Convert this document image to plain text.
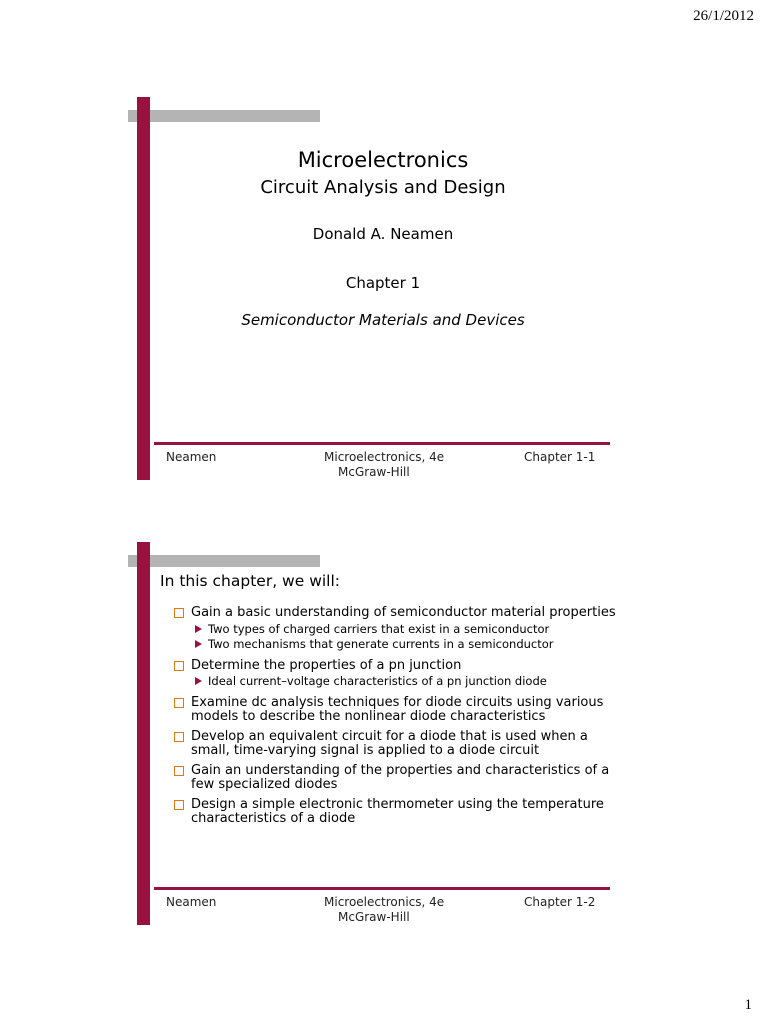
26/1/2012
Microelectronics
Circuit Analysis and Design
Donald A. Neamen
Chapter 1
Semiconductor Materials and Devices
Neamen	Microelectronics, 4e
McGraw-Hill
Chapter 1-1
In this chapter, we will:
Gain a basic understanding of semiconductor material properties
Two types of charged carriers that exist in a semiconductor
Two mechanisms that generate currents in a semiconductor
Determine the properties of a pn junction
Ideal current–voltage characteristics of a pn junction diode
Examine dc analysis techniques for diode circuits using various models to describe the nonlinear diode characteristics
Develop an equivalent circuit for a diode that is used when a small, time-varying signal is applied to a diode circuit
Gain an understanding of the properties and characteristics of a few specialized diodes
Design a simple electronic thermometer using the temperature characteristics of a diode
Neamen	Microelectronics, 4e
McGraw-Hill
Chapter 1-2
1
